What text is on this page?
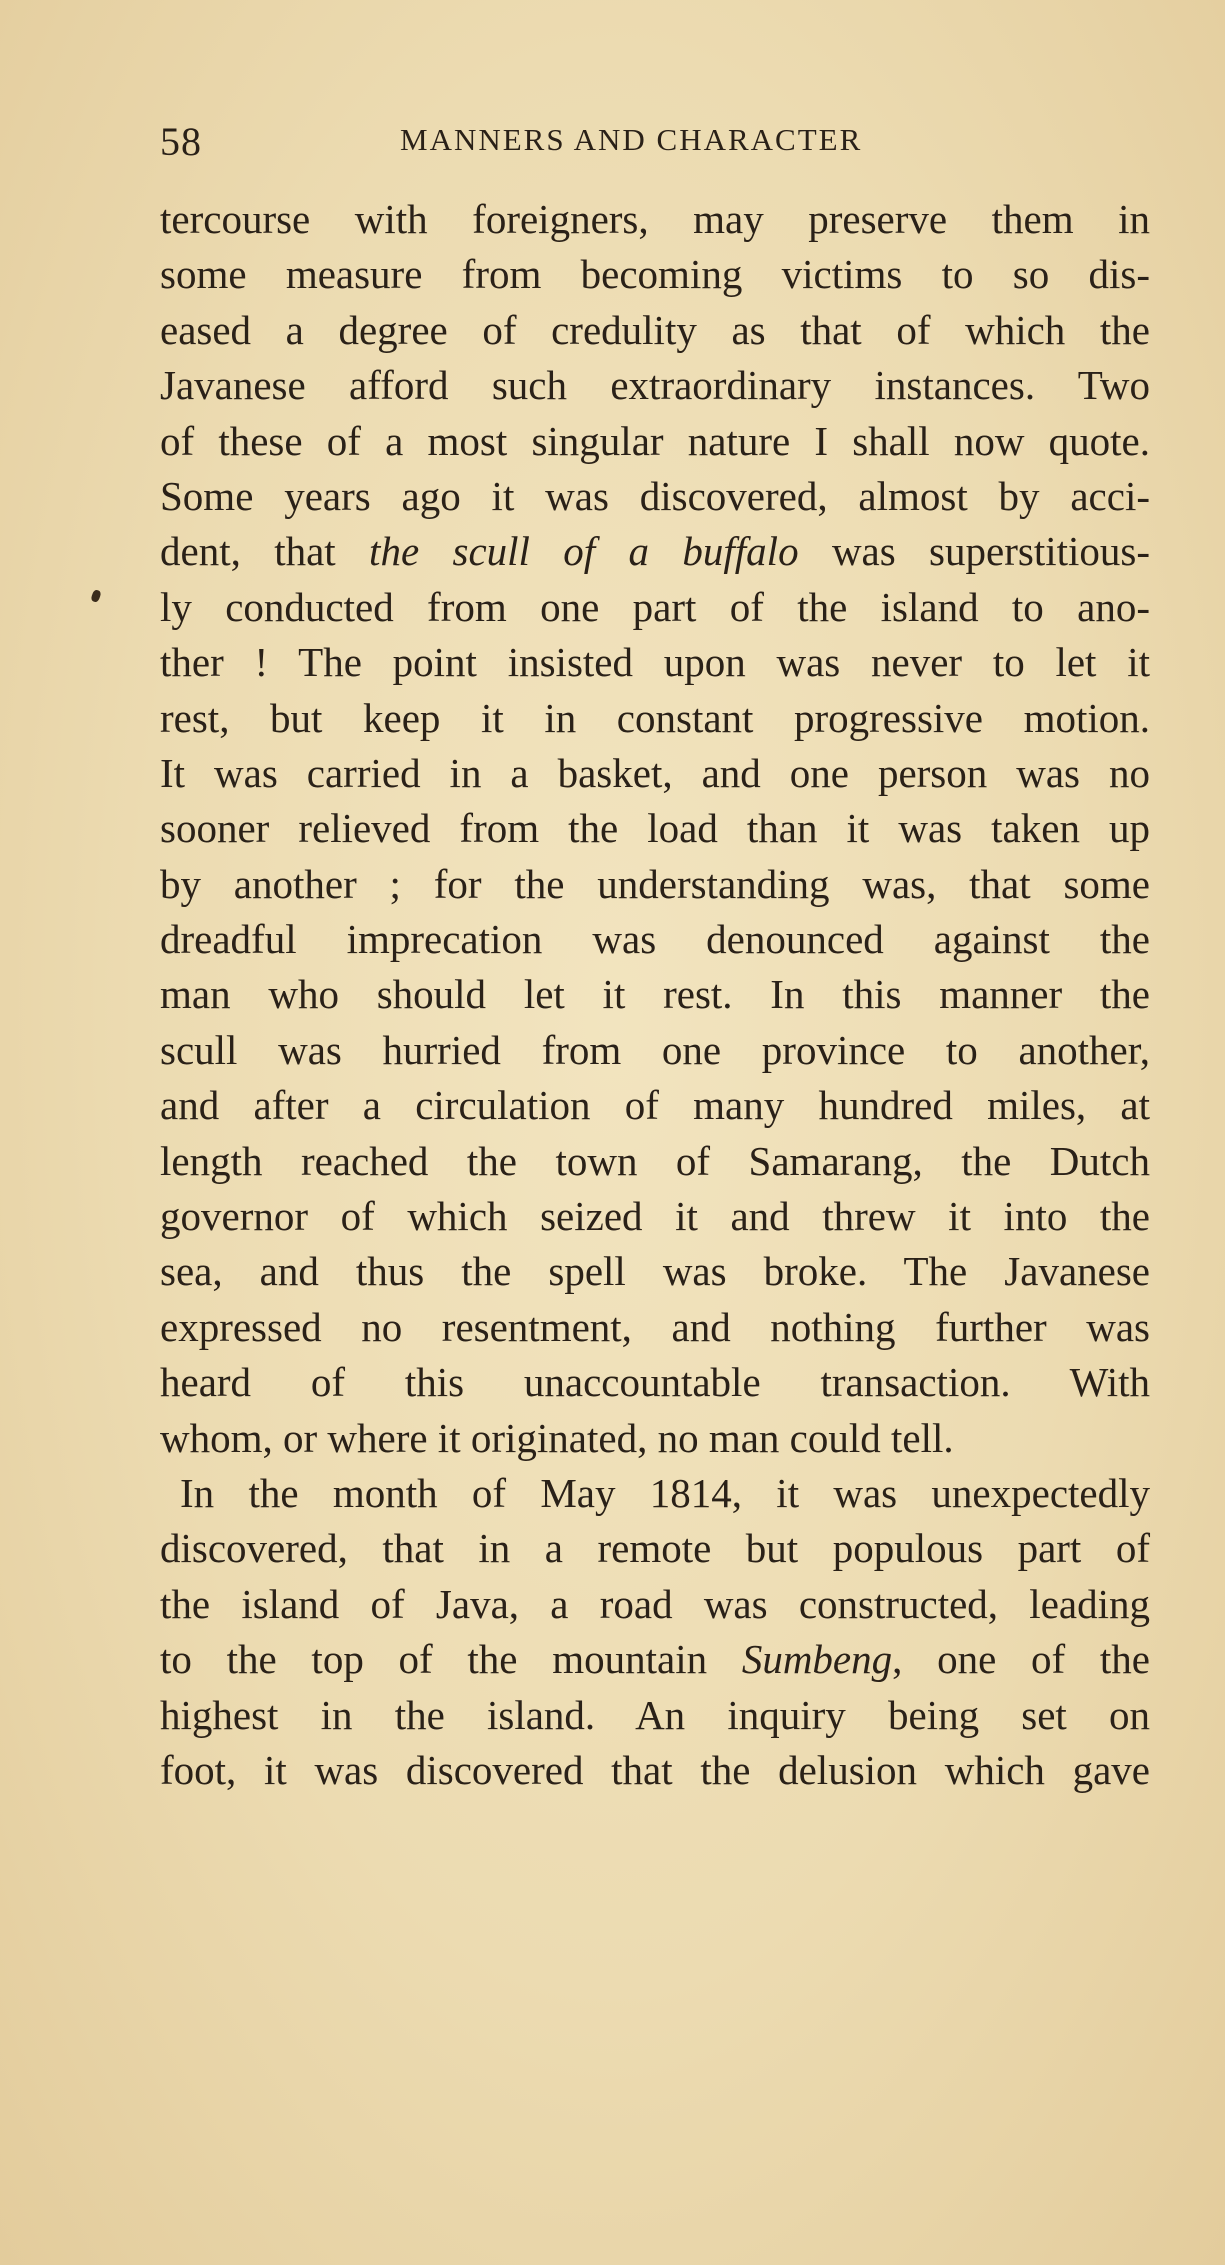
58	MANNERS AND CHARACTER
tercourse with foreigners, may preserve them in
some measure from becoming victims to so dis-
eased a degree of credulity as that of which the
Javanese afford such extraordinary instances. Two
of these of a most singular nature I shall now quote.
Some years ago it was discovered, almost by acci-
dent, that the scull of a buffalo was superstitious-
ly conducted from one part of the island to ano-
ther ! The point insisted upon was never to let it
rest, but keep it in constant progressive motion.
It was carried in a basket, and one person was no
sooner relieved from the load than it was taken up
by another ; for the understanding was, that some
dreadful imprecation was denounced against the
man who should let it rest. In this manner the
scull was hurried from one province to another,
and after a circulation of many hundred miles, at
length reached the town of Samarang, the Dutch
governor of which seized it and threw it into the
sea, and thus the spell was broke. The Javanese
expressed no resentment, and nothing further was
heard of this unaccountable transaction. With
whom, or where it originated, no man could tell.
In the month of May 1814, it was unexpectedly
discovered, that in a remote but populous part of
the island of Java, a road was constructed, leading
to the top of the mountain Sumbeng, one of the
highest in the island. An inquiry being set on
foot, it was discovered that the delusion which gave
